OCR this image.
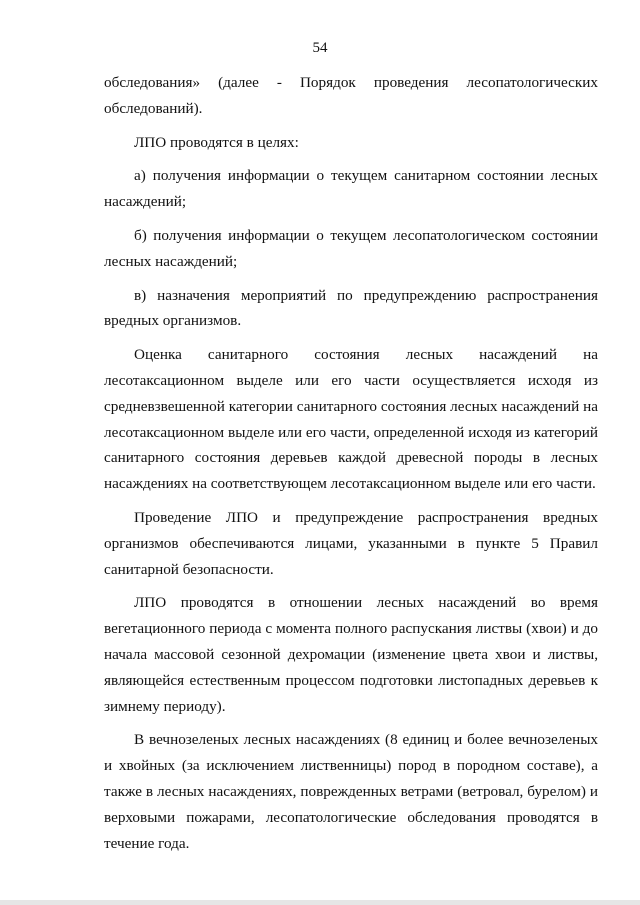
54

обследования» (далее - Порядок проведения лесопатологических обследований).

ЛПО проводятся в целях:

а) получения информации о текущем санитарном состоянии лесных насаждений;

б) получения информации о текущем лесопатологическом состоянии лесных насаждений;

в) назначения мероприятий по предупреждению распространения вредных организмов.

Оценка санитарного состояния лесных насаждений на лесотаксационном выделе или его части осуществляется исходя из средневзвешенной категории санитарного состояния лесных насаждений на лесотаксационном выделе или его части, определенной исходя из категорий санитарного состояния деревьев каждой древесной породы в лесных насаждениях на соответствующем лесотаксационном выделе или его части.

Проведение ЛПО и предупреждение распространения вредных организмов обеспечиваются лицами, указанными в пункте 5 Правил санитарной безопасности.

ЛПО проводятся в отношении лесных насаждений во время вегетационного периода с момента полного распускания листвы (хвои) и до начала массовой сезонной дехромации (изменение цвета хвои и листвы, являющейся естественным процессом подготовки листопадных деревьев к зимнему периоду).

В вечнозеленых лесных насаждениях (8 единиц и более вечнозеленых и хвойных (за исключением лиственницы) пород в породном составе), а также в лесных насаждениях, поврежденных ветрами (ветровал, бурелом) и верховыми пожарами, лесопатологические обследования проводятся в течение года.
